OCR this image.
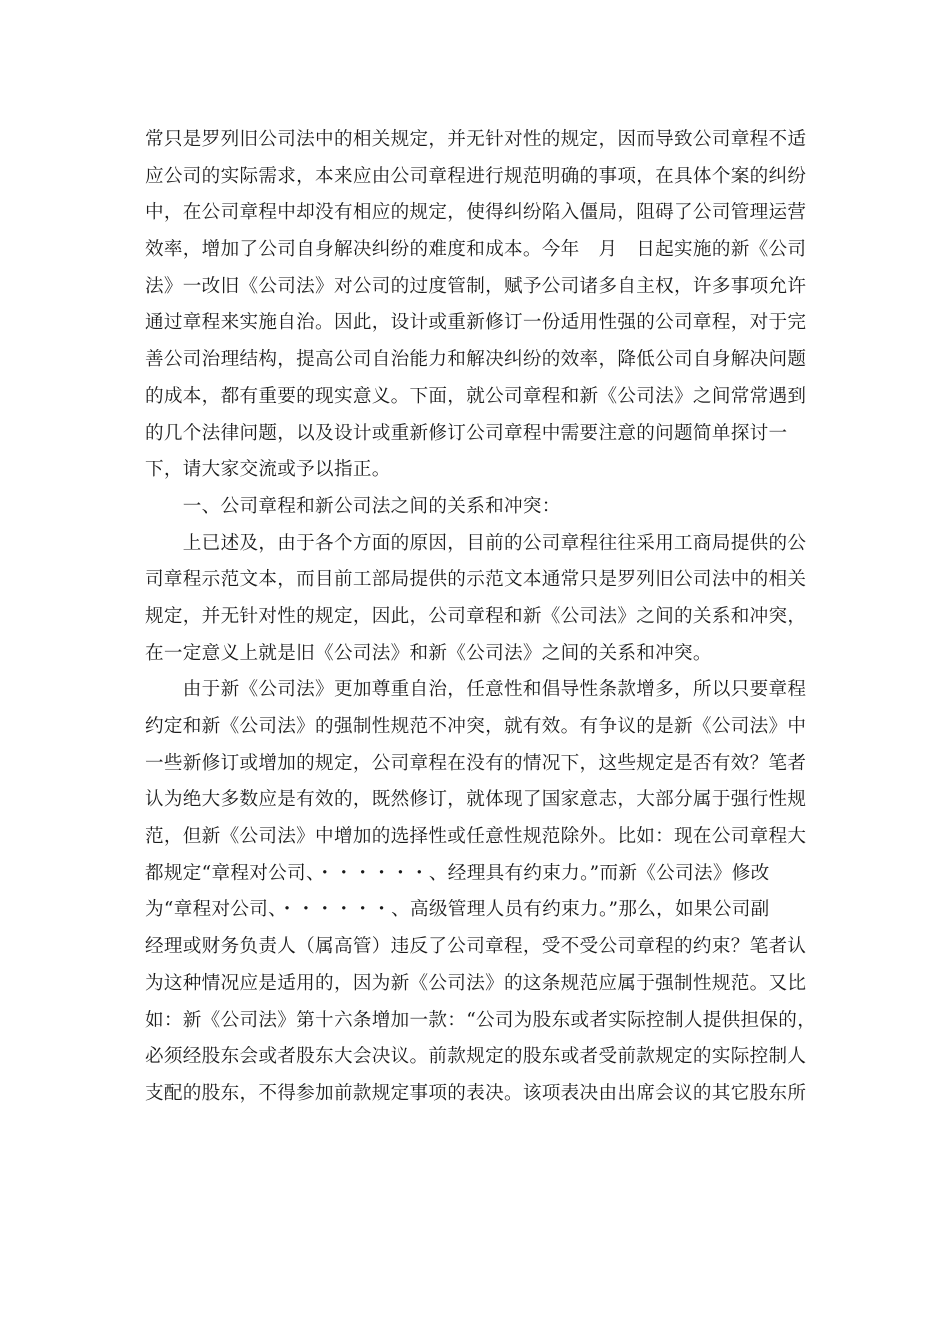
常只是罗列旧公司法中的相关规定，并无针对性的规定，因而导致公司章程不适
应公司的实际需求，本来应由公司章程进行规范明确的事项，在具体个案的纠纷
中，在公司章程中却没有相应的规定，使得纠纷陷入僵局，阻碍了公司管理运营
效率，增加了公司自身解决纠纷的难度和成本。今年　月　日起实施的新《公司
法》一改旧《公司法》对公司的过度管制，赋予公司诸多自主权，许多事项允许
通过章程来实施自治。因此，设计或重新修订一份适用性强的公司章程，对于完
善公司治理结构，提高公司自治能力和解决纠纷的效率，降低公司自身解决问题
的成本，都有重要的现实意义。下面，就公司章程和新《公司法》之间常常遇到
的几个法律问题，以及设计或重新修订公司章程中需要注意的问题简单探讨一
下，请大家交流或予以指正。
　　一、公司章程和新公司法之间的关系和冲突：
　　上已述及，由于各个方面的原因，目前的公司章程往往采用工商局提供的公
司章程示范文本，而目前工部局提供的示范文本通常只是罗列旧公司法中的相关
规定，并无针对性的规定，因此，公司章程和新《公司法》之间的关系和冲突，
在一定意义上就是旧《公司法》和新《公司法》之间的关系和冲突。
　　由于新《公司法》更加尊重自治，任意性和倡导性条款增多，所以只要章程
约定和新《公司法》的强制性规范不冲突，就有效。有争议的是新《公司法》中
一些新修订或增加的规定，公司章程在没有的情况下，这些规定是否有效？笔者
认为绝大多数应是有效的，既然修订，就体现了国家意志，大部分属于强行性规
范，但新《公司法》中增加的选择性或任意性规范除外。比如：现在公司章程大
都规定“章程对公司、・・・・・・、经理具有约束力。”而新《公司法》修改
为“章程对公司、・・・・・・、高级管理人员有约束力。”那么，如果公司副
经理或财务负责人（属高管）违反了公司章程，受不受公司章程的约束？笔者认
为这种情况应是适用的，因为新《公司法》的这条规范应属于强制性规范。又比
如：新《公司法》第十六条增加一款：“公司为股东或者实际控制人提供担保的，
必须经股东会或者股东大会决议。前款规定的股东或者受前款规定的实际控制人
支配的股东，不得参加前款规定事项的表决。该项表决由出席会议的其它股东所
